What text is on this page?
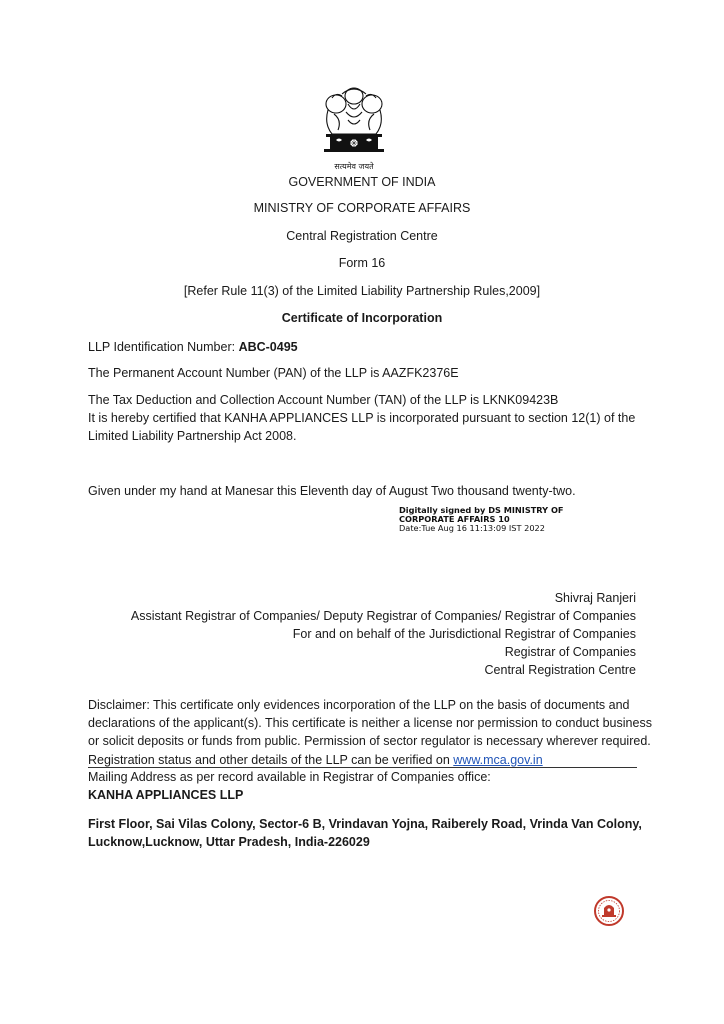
सत्यमेव जयते
GOVERNMENT OF INDIA
MINISTRY OF CORPORATE AFFAIRS
Central Registration Centre
Form 16
[Refer Rule 11(3) of the Limited Liability Partnership Rules,2009]
Certificate of Incorporation
LLP Identification Number: ABC-0495
The Permanent Account Number (PAN) of the LLP is AAZFK2376E
The Tax Deduction and Collection Account Number (TAN) of the LLP is LKNK09423B
It is hereby certified that KANHA APPLIANCES LLP is incorporated pursuant to section 12(1) of the
Limited Liability Partnership Act 2008.
Given under my hand at Manesar this Eleventh day of August Two thousand twenty-two.
Digitally signed by DS MINISTRY OF
CORPORATE AFFAIRS 10
Date:Tue Aug 16 11:13:09 IST 2022
Shivraj Ranjeri
Assistant Registrar of Companies/ Deputy Registrar of Companies/ Registrar of Companies
For and on behalf of the Jurisdictional Registrar of Companies
Registrar of Companies
Central Registration Centre

Disclaimer: This certificate only evidences incorporation of the LLP on the basis of documents and

declarations of the applicant(s). This certificate is neither a license nor permission to conduct business

or solicit deposits or funds from public. Permission of sector regulator is necessary wherever required.

Registration status and other details of the LLP can be verified on www.mca.gov.in

Mailing Address as per record available in Registrar of Companies office:
KANHA APPLIANCES LLP
First Floor, Sai Vilas Colony, Sector-6 B, Vrindavan Yojna, Raiberely Road, Vrinda Van Colony,
Lucknow,Lucknow, Uttar Pradesh, India-226029
